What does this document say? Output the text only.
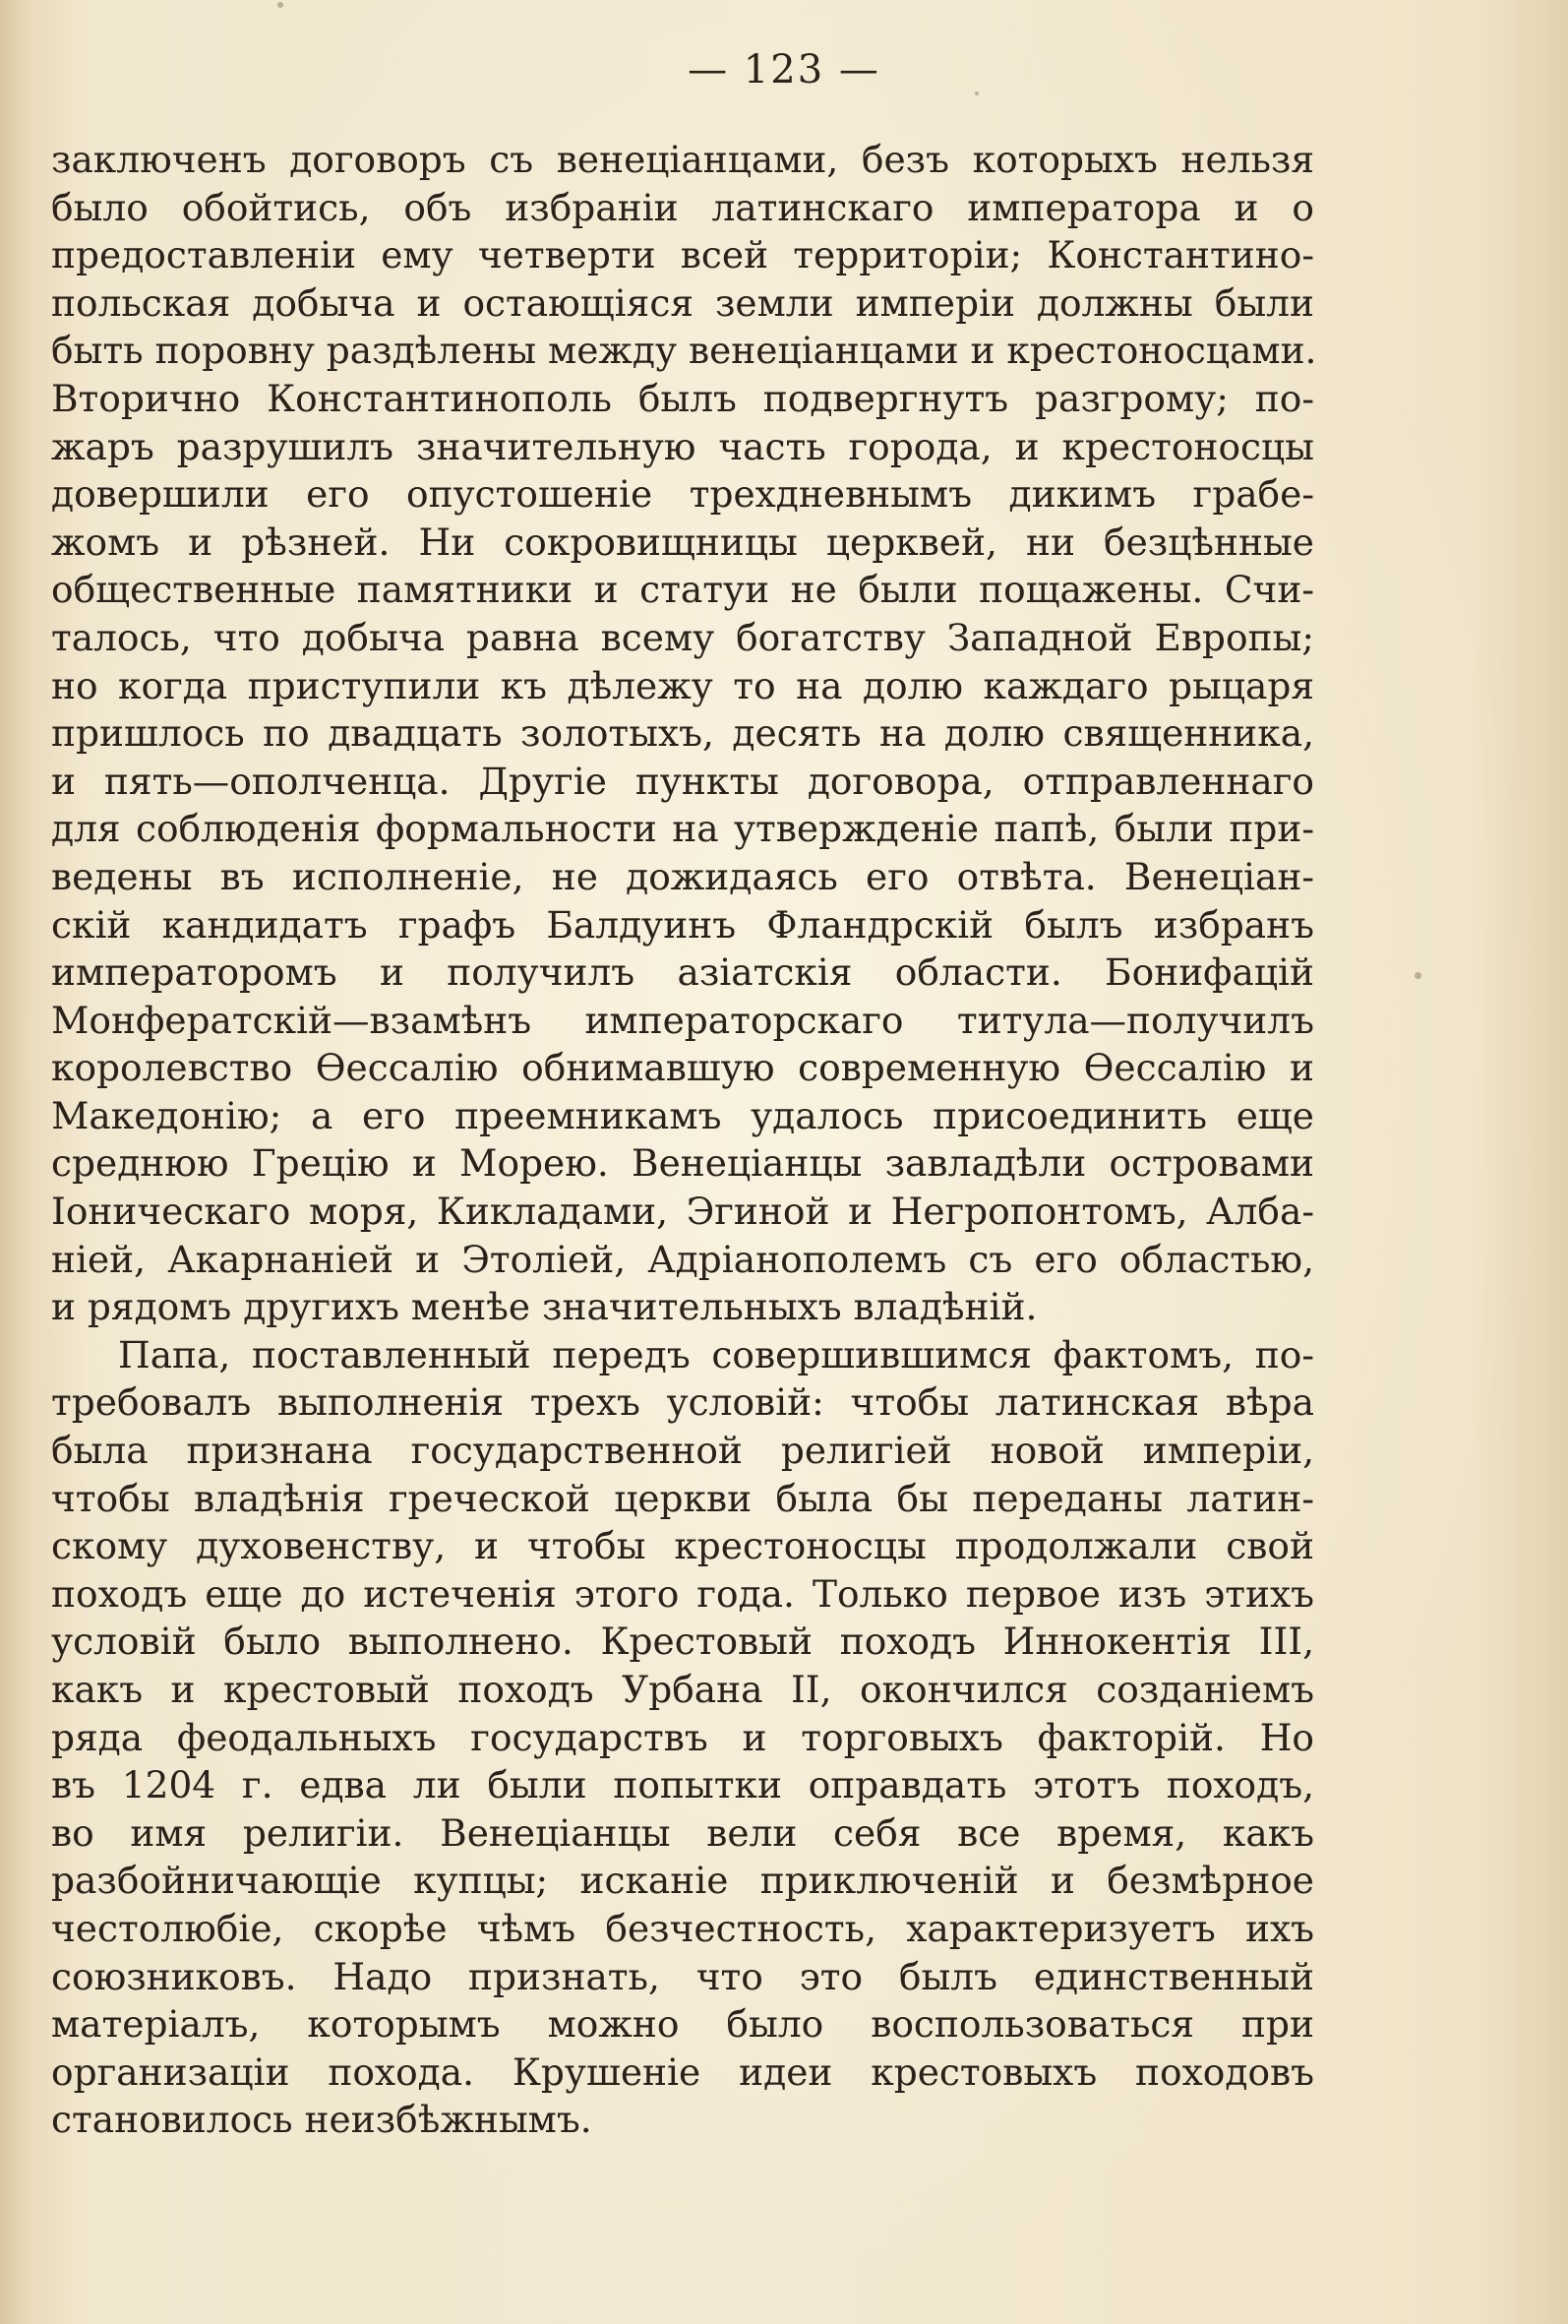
— 123 —
заключенъ договоръ съ венеціанцами, безъ которыхъ нельзя
было обойтись, объ избраніи латинскаго императора и о
предоставленіи ему четверти всей территоріи; Константино-
польская добыча и остающіяся земли имперіи должны были
быть поровну раздѣлены между венеціанцами и крестоносцами.
Вторично Константинополь былъ подвергнутъ разгрому; по-
жаръ разрушилъ значительную часть города, и крестоносцы
довершили его опустошеніе трехдневнымъ дикимъ грабе-
жомъ и рѣзней. Ни сокровищницы церквей, ни безцѣнные
общественные памятники и статуи не были пощажены. Счи-
талось, что добыча равна всему богатству Западной Европы;
но когда приступили къ дѣлежу то на долю каждаго рыцаря
пришлось по двадцать золотыхъ, десять на долю священника,
и пять—ополченца. Другіе пункты договора, отправленнаго
для соблюденія формальности на утвержденіе папѣ, были при-
ведены въ исполненіе, не дожидаясь его отвѣта. Венеціан-
скій кандидатъ графъ Балдуинъ Фландрскій былъ избранъ
императоромъ и получилъ азіатскія области. Бонифацій
Монфератскій—взамѣнъ императорскаго титула—получилъ
королевство Өессалію обнимавшую современную Өессалію и
Македонію; а его преемникамъ удалось присоединить еще
среднюю Грецію и Морею. Венеціанцы завладѣли островами
Іоническаго моря, Кикладами, Эгиной и Негропонтомъ, Алба-
ніей, Акарнаніей и Этоліей, Адріанополемъ съ его областью,
и рядомъ другихъ менѣе значительныхъ владѣній.
Папа, поставленный передъ совершившимся фактомъ, по-
требовалъ выполненія трехъ условій: чтобы латинская вѣра
была признана государственной религіей новой имперіи,
чтобы владѣнія греческой церкви была бы переданы латин-
скому духовенству, и чтобы крестоносцы продолжали свой
походъ еще до истеченія этого года. Только первое изъ этихъ
условій было выполнено. Крестовый походъ Иннокентія III,
какъ и крестовый походъ Урбана II, окончился созданіемъ
ряда феодальныхъ государствъ и торговыхъ факторій. Но
въ 1204 г. едва ли были попытки оправдать этотъ походъ,
во имя религіи. Венеціанцы вели себя все время, какъ
разбойничающіе купцы; исканіе приключеній и безмѣрное
честолюбіе, скорѣе чѣмъ безчестность, характеризуетъ ихъ
союзниковъ. Надо признать, что это былъ единственный
матеріалъ, которымъ можно было воспользоваться при
организаціи похода. Крушеніе идеи крестовыхъ походовъ
становилось неизбѣжнымъ.
